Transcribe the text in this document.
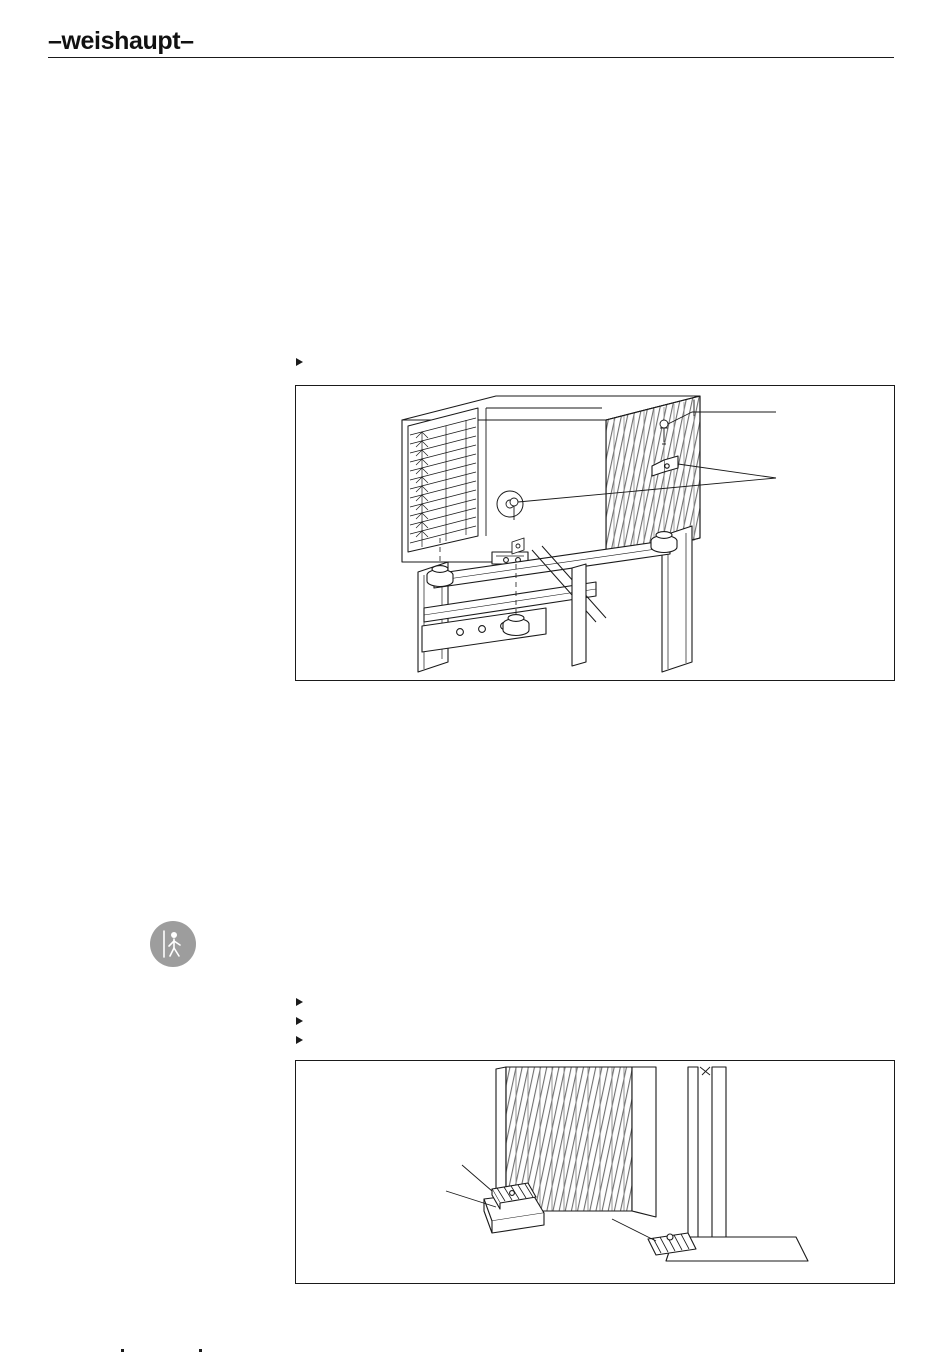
–weishaupt–
